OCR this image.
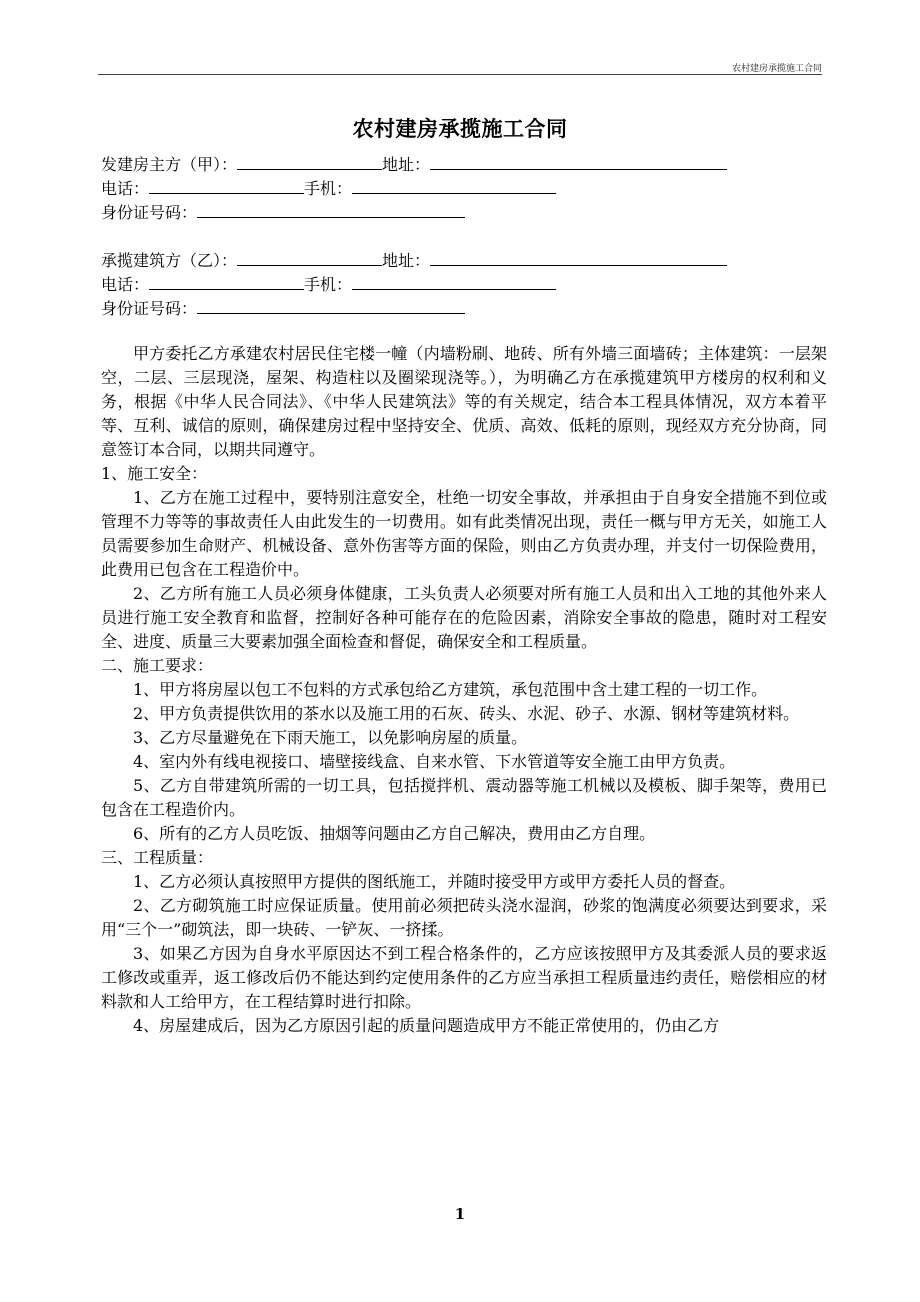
农村建房承揽施工合同
农村建房承揽施工合同
发建房主方（甲）：	地址：
电话：	手机：
身份证号码：
承揽建筑方（乙）：	地址：
电话：	手机：
身份证号码：

甲方委托乙方承建农村居民住宅楼一幢（内墙粉刷、地砖、所有外墙三面墙砖；主体建筑：一层架空，二层、三层现浇，屋架、构造柱以及圈梁现浇等。），为明确乙方在承揽建筑甲方楼房的权利和义务，根据《中华人民合同法》、《中华人民建筑法》等的有关规定，结合本工程具体情况，双方本着平等、互利、诚信的原则，确保建房过程中坚持安全、优质、高效、低耗的原则，现经双方充分协商，同意签订本合同，以期共同遵守。

1、施工安全：

1、乙方在施工过程中，要特别注意安全，杜绝一切安全事故，并承担由于自身安全措施不到位或管理不力等等的事故责任人由此发生的一切费用。如有此类情况出现，责任一概与甲方无关，如施工人员需要参加生命财产、机械设备、意外伤害等方面的保险，则由乙方负责办理，并支付一切保险费用，此费用已包含在工程造价中。

2、乙方所有施工人员必须身体健康，工头负责人必须要对所有施工人员和出入工地的其他外来人员进行施工安全教育和监督，控制好各种可能存在的危险因素，消除安全事故的隐患，随时对工程安全、进度、质量三大要素加强全面检查和督促，确保安全和工程质量。

二、施工要求：

1、甲方将房屋以包工不包料的方式承包给乙方建筑，承包范围中含土建工程的一切工作。

2、甲方负责提供饮用的茶水以及施工用的石灰、砖头、水泥、砂子、水源、钢材等建筑材料。

3、乙方尽量避免在下雨天施工，以免影响房屋的质量。

4、室内外有线电视接口、墙壁接线盒、自来水管、下水管道等安全施工由甲方负责。

5、乙方自带建筑所需的一切工具，包括搅拌机、震动器等施工机械以及模板、脚手架等，费用已包含在工程造价内。

6、所有的乙方人员吃饭、抽烟等问题由乙方自己解决，费用由乙方自理。

三、工程质量：

1、乙方必须认真按照甲方提供的图纸施工，并随时接受甲方或甲方委托人员的督查。

2、乙方砌筑施工时应保证质量。使用前必须把砖头浇水湿润，砂浆的饱满度必须要达到要求，采用“三个一”砌筑法，即一块砖、一铲灰、一挤揉。

3、如果乙方因为自身水平原因达不到工程合格条件的，乙方应该按照甲方及其委派人员的要求返工修改或重弄，返工修改后仍不能达到约定使用条件的乙方应当承担工程质量违约责任，赔偿相应的材料款和人工给甲方，在工程结算时进行扣除。

4、房屋建成后，因为乙方原因引起的质量问题造成甲方不能正常使用的，仍由乙方

1
